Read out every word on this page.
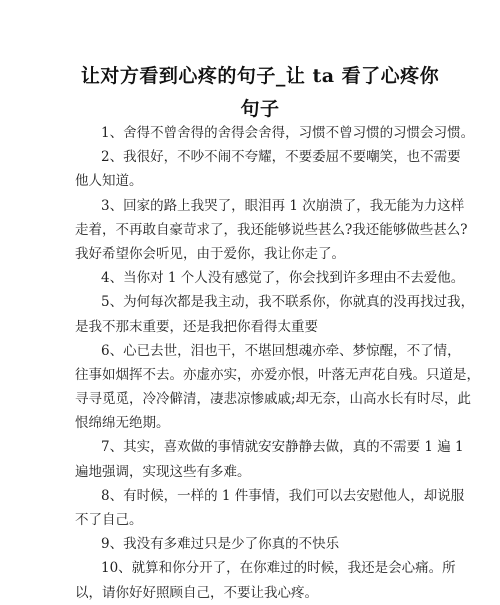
让对方看到心疼的句子_让 ta 看了心疼你
句子
1、舍得不曾舍得的舍得会舍得，习惯不曾习惯的习惯会习惯。
2、我很好，不吵不闹不夸耀，不要委屈不要嘲笑，也不需要
他人知道。
3、回家的路上我哭了，眼泪再 1 次崩溃了，我无能为力这样
走着，不再敢自豪苛求了，我还能够说些甚么?我还能够做些甚么?
我好希望你会听见，由于爱你，我让你走了。
4、当你对 1 个人没有感觉了，你会找到许多理由不去爱他。
5、为何每次都是我主动，我不联系你，你就真的没再找过我，
是我不那末重要，还是我把你看得太重要
6、心已去世，泪也干，不堪回想魂亦牵、梦惊醒，不了情，
往事如烟挥不去。亦虚亦实，亦爱亦恨，叶落无声花自残。只道是，
寻寻觅觅，冷冷僻清，凄悲凉惨戚戚;却无奈，山高水长有时尽，此
恨绵绵无绝期。
7、其实，喜欢做的事情就安安静静去做，真的不需要 1 遍 1
遍地强调，实现这些有多难。
8、有时候，一样的 1 件事情，我们可以去安慰他人，却说服
不了自己。
9、我没有多难过只是少了你真的不快乐
10、就算和你分开了，在你难过的时候，我还是会心痛。所
以，请你好好照顾自己，不要让我心疼。
